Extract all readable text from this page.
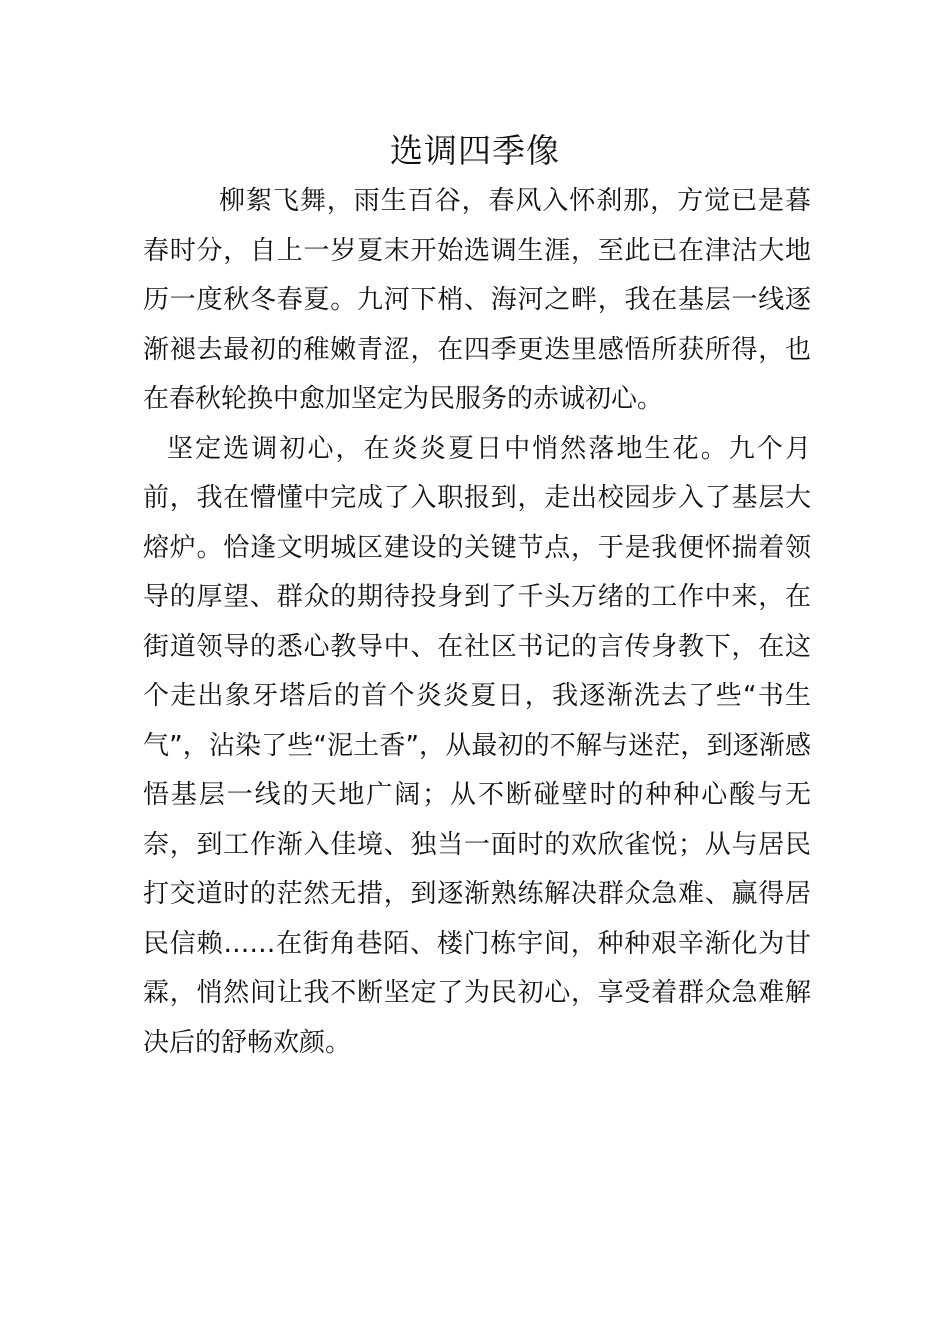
选调四季像

柳絮飞舞，雨生百谷，春风入怀刹那，方觉已是暮春时分，自上一岁夏末开始选调生涯，至此已在津沽大地历一度秋冬春夏。九河下梢、海河之畔，我在基层一线逐渐褪去最初的稚嫩青涩，在四季更迭里感悟所获所得，也在春秋轮换中愈加坚定为民服务的赤诚初心。

坚定选调初心，在炎炎夏日中悄然落地生花。九个月前，我在懵懂中完成了入职报到，走出校园步入了基层大熔炉。恰逢文明城区建设的关键节点，于是我便怀揣着领导的厚望、群众的期待投身到了千头万绪的工作中来，在街道领导的悉心教导中、在社区书记的言传身教下，在这个走出象牙塔后的首个炎炎夏日，我逐渐洗去了些“书生气”，沾染了些“泥土香”，从最初的不解与迷茫，到逐渐感悟基层一线的天地广阔；从不断碰壁时的种种心酸与无奈，到工作渐入佳境、独当一面时的欢欣雀悦；从与居民打交道时的茫然无措，到逐渐熟练解决群众急难、赢得居民信赖……在街角巷陌、楼门栋宇间，种种艰辛渐化为甘霖，悄然间让我不断坚定了为民初心，享受着群众急难解决后的舒畅欢颜。
